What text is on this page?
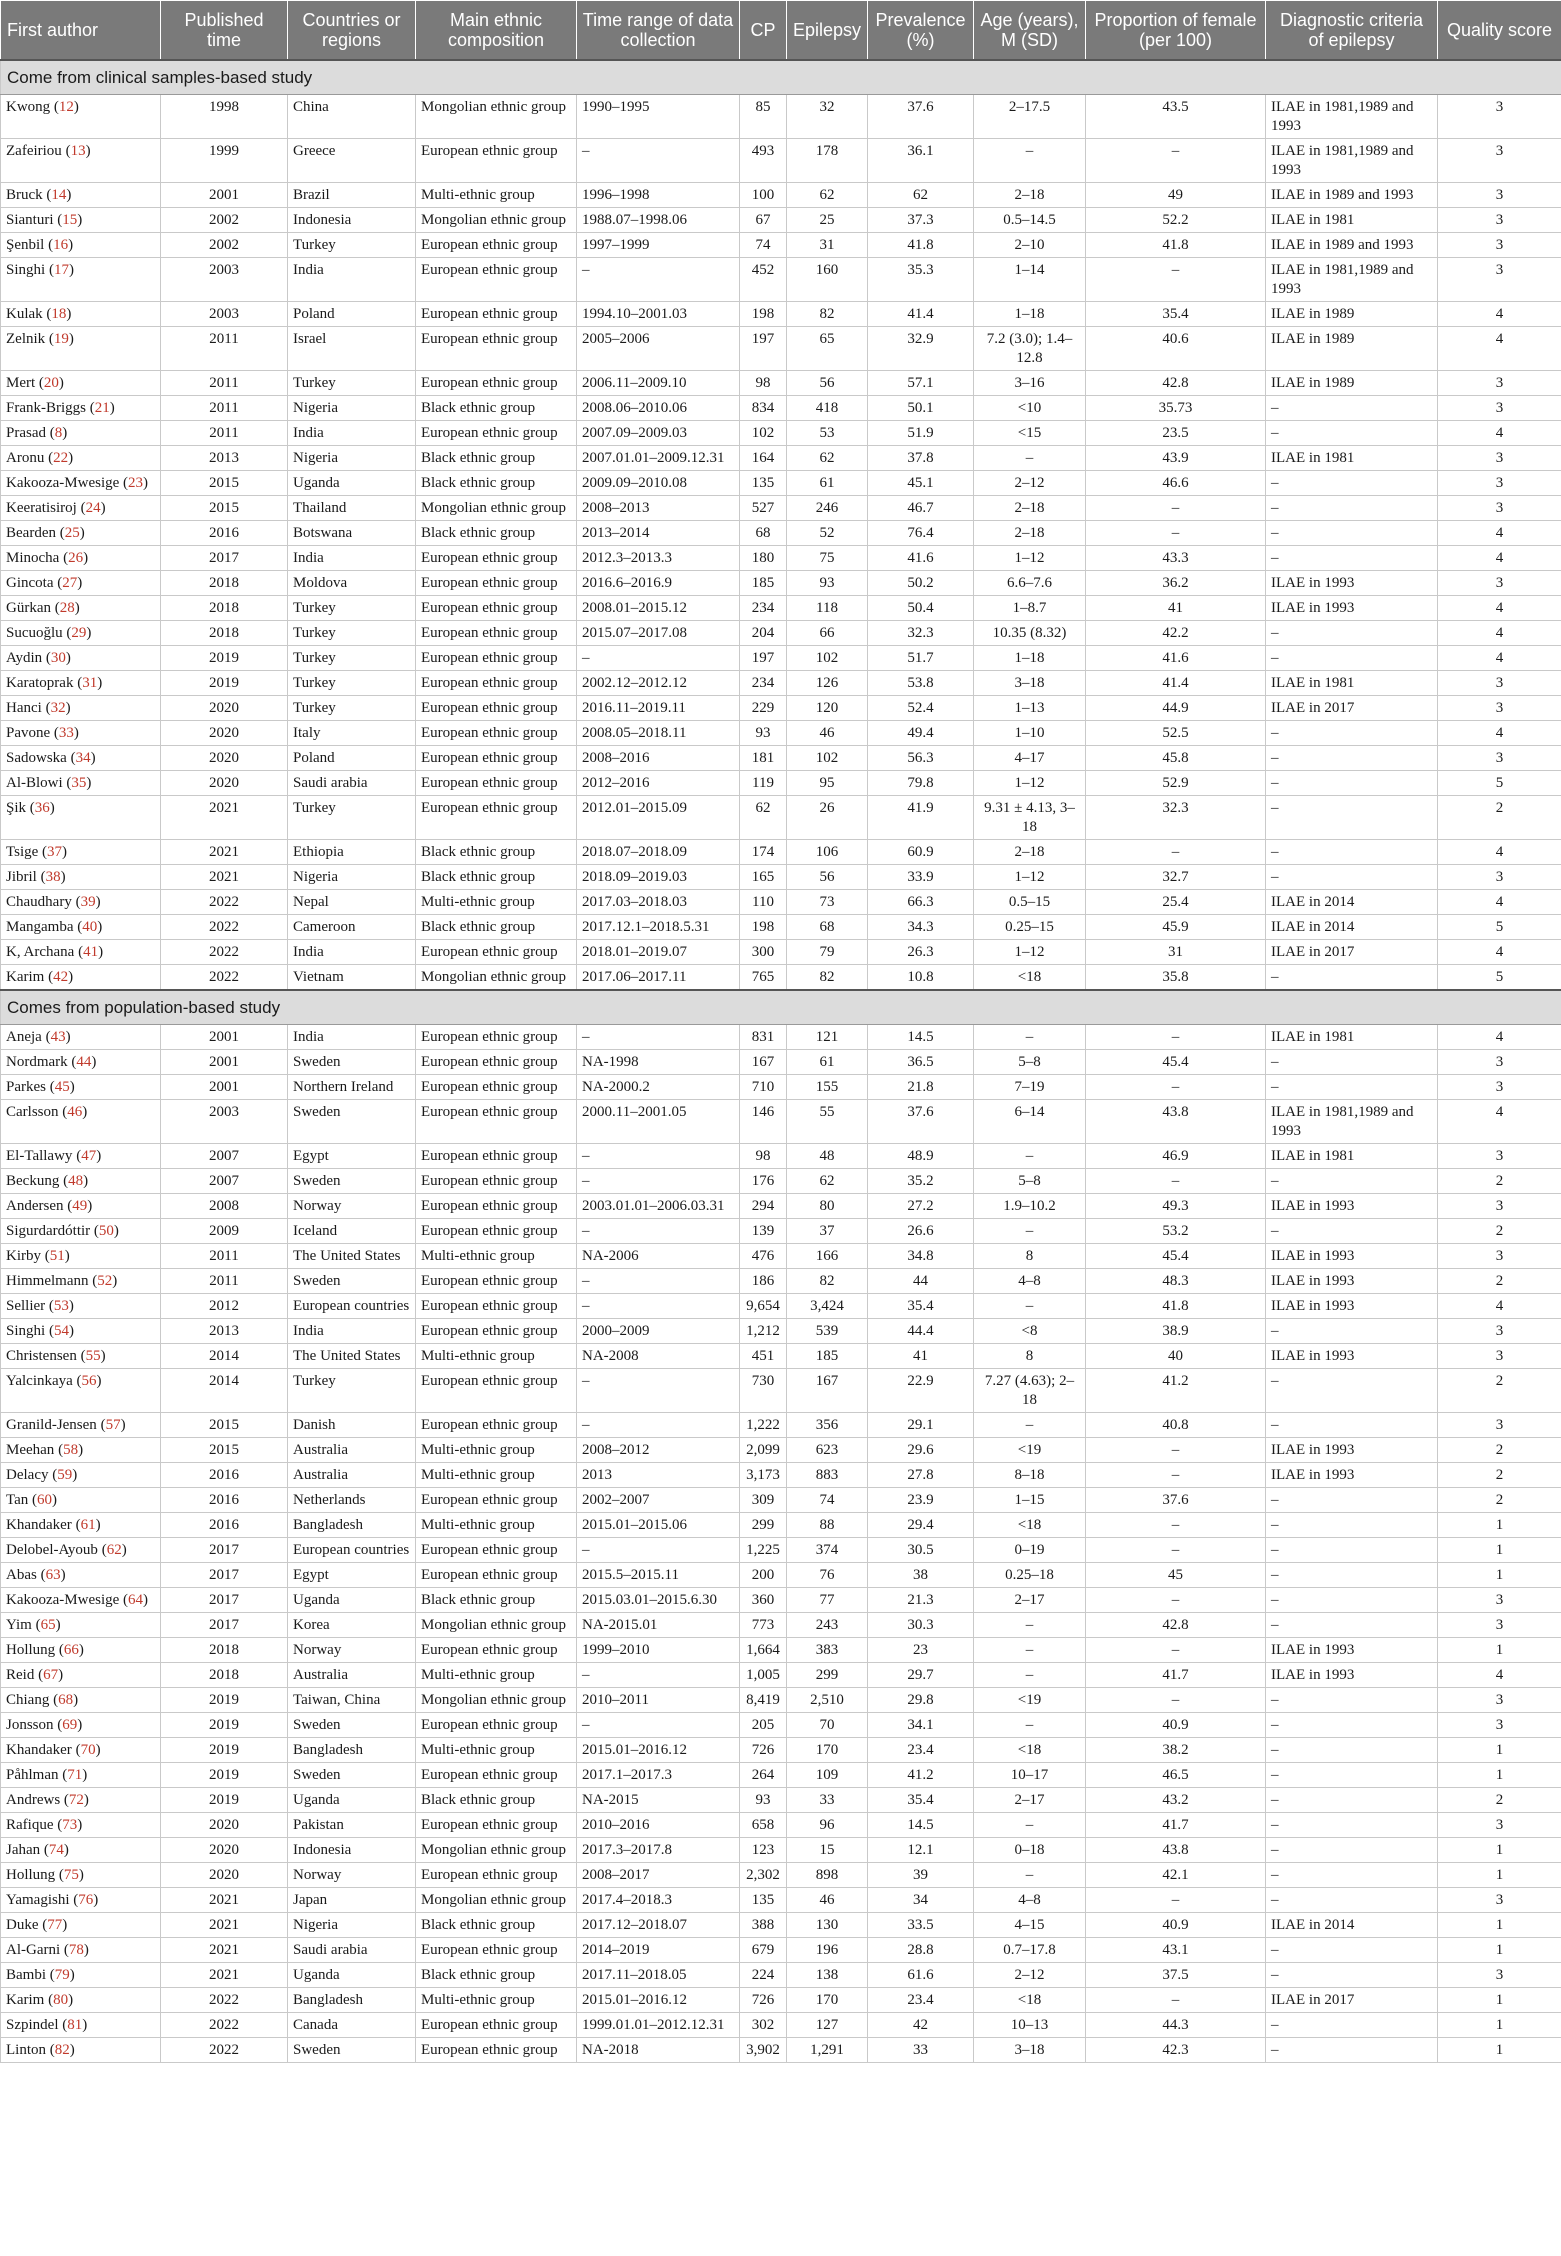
First author	Published time	Countries or regions	Main ethnic composition	Time range of data collection	CP	Epilepsy	Prevalence (%)	Age (years), M (SD)	Proportion of female (per 100)	Diagnostic criteria of epilepsy	Quality score
Come from clinical samples-based study											
Kwong (12)	1998	China	Mongolian ethnic group	1990–1995	85	32	37.6	2–17.5	43.5	ILAE in 1981,1989 and 1993	3
Zafeiriou (13)	1999	Greece	European ethnic group	–	493	178	36.1	–	–	ILAE in 1981,1989 and 1993	3
Bruck (14)	2001	Brazil	Multi-ethnic group	1996–1998	100	62	62	2–18	49	ILAE in 1989 and 1993	3
Sianturi (15)	2002	Indonesia	Mongolian ethnic group	1988.07–1998.06	67	25	37.3	0.5–14.5	52.2	ILAE in 1981	3
Şenbil (16)	2002	Turkey	European ethnic group	1997–1999	74	31	41.8	2–10	41.8	ILAE in 1989 and 1993	3
Singhi (17)	2003	India	European ethnic group	–	452	160	35.3	1–14	–	ILAE in 1981,1989 and 1993	3
Kulak (18)	2003	Poland	European ethnic group	1994.10–2001.03	198	82	41.4	1–18	35.4	ILAE in 1989	4
Zelnik (19)	2011	Israel	European ethnic group	2005–2006	197	65	32.9	7.2 (3.0); 1.4–12.8	40.6	ILAE in 1989	4
Mert (20)	2011	Turkey	European ethnic group	2006.11–2009.10	98	56	57.1	3–16	42.8	ILAE in 1989	3
Frank-Briggs (21)	2011	Nigeria	Black ethnic group	2008.06–2010.06	834	418	50.1	<10	35.73	–	3
Prasad (8)	2011	India	European ethnic group	2007.09–2009.03	102	53	51.9	<15	23.5	–	4
Aronu (22)	2013	Nigeria	Black ethnic group	2007.01.01–2009.12.31	164	62	37.8	–	43.9	ILAE in 1981	3
Kakooza-Mwesige (23)	2015	Uganda	Black ethnic group	2009.09–2010.08	135	61	45.1	2–12	46.6	–	3
Keeratisiroj (24)	2015	Thailand	Mongolian ethnic group	2008–2013	527	246	46.7	2–18	–	–	3
Bearden (25)	2016	Botswana	Black ethnic group	2013–2014	68	52	76.4	2–18	–	–	4
Minocha (26)	2017	India	European ethnic group	2012.3–2013.3	180	75	41.6	1–12	43.3	–	4
Gincota (27)	2018	Moldova	European ethnic group	2016.6–2016.9	185	93	50.2	6.6–7.6	36.2	ILAE in 1993	3
Gürkan (28)	2018	Turkey	European ethnic group	2008.01–2015.12	234	118	50.4	1–8.7	41	ILAE in 1993	4
Sucuoğlu (29)	2018	Turkey	European ethnic group	2015.07–2017.08	204	66	32.3	10.35 (8.32)	42.2	–	4
Aydin (30)	2019	Turkey	European ethnic group	–	197	102	51.7	1–18	41.6	–	4
Karatoprak (31)	2019	Turkey	European ethnic group	2002.12–2012.12	234	126	53.8	3–18	41.4	ILAE in 1981	3
Hanci (32)	2020	Turkey	European ethnic group	2016.11–2019.11	229	120	52.4	1–13	44.9	ILAE in 2017	3
Pavone (33)	2020	Italy	European ethnic group	2008.05–2018.11	93	46	49.4	1–10	52.5	–	4
Sadowska (34)	2020	Poland	European ethnic group	2008–2016	181	102	56.3	4–17	45.8	–	3
Al-Blowi (35)	2020	Saudi arabia	European ethnic group	2012–2016	119	95	79.8	1–12	52.9	–	5
Şik (36)	2021	Turkey	European ethnic group	2012.01–2015.09	62	26	41.9	9.31 ± 4.13, 3–18	32.3	–	2
Tsige (37)	2021	Ethiopia	Black ethnic group	2018.07–2018.09	174	106	60.9	2–18	–	–	4
Jibril (38)	2021	Nigeria	Black ethnic group	2018.09–2019.03	165	56	33.9	1–12	32.7	–	3
Chaudhary (39)	2022	Nepal	Multi-ethnic group	2017.03–2018.03	110	73	66.3	0.5–15	25.4	ILAE in 2014	4
Mangamba (40)	2022	Cameroon	Black ethnic group	2017.12.1–2018.5.31	198	68	34.3	0.25–15	45.9	ILAE in 2014	5
K, Archana (41)	2022	India	European ethnic group	2018.01–2019.07	300	79	26.3	1–12	31	ILAE in 2017	4
Karim (42)	2022	Vietnam	Mongolian ethnic group	2017.06–2017.11	765	82	10.8	<18	35.8	–	5
Comes from population-based study											
Aneja (43)	2001	India	European ethnic group	–	831	121	14.5	–	–	ILAE in 1981	4
Nordmark (44)	2001	Sweden	European ethnic group	NA-1998	167	61	36.5	5–8	45.4	–	3
Parkes (45)	2001	Northern Ireland	European ethnic group	NA-2000.2	710	155	21.8	7–19	–	–	3
Carlsson (46)	2003	Sweden	European ethnic group	2000.11–2001.05	146	55	37.6	6–14	43.8	ILAE in 1981,1989 and 1993	4
El-Tallawy (47)	2007	Egypt	European ethnic group	–	98	48	48.9	–	46.9	ILAE in 1981	3
Beckung (48)	2007	Sweden	European ethnic group	–	176	62	35.2	5–8	–	–	2
Andersen (49)	2008	Norway	European ethnic group	2003.01.01–2006.03.31	294	80	27.2	1.9–10.2	49.3	ILAE in 1993	3
Sigurdardóttir (50)	2009	Iceland	European ethnic group	–	139	37	26.6	–	53.2	–	2
Kirby (51)	2011	The United States	Multi-ethnic group	NA-2006	476	166	34.8	8	45.4	ILAE in 1993	3
Himmelmann (52)	2011	Sweden	European ethnic group	–	186	82	44	4–8	48.3	ILAE in 1993	2
Sellier (53)	2012	European countries	European ethnic group	–	9,654	3,424	35.4	–	41.8	ILAE in 1993	4
Singhi (54)	2013	India	European ethnic group	2000–2009	1,212	539	44.4	<8	38.9	–	3
Christensen (55)	2014	The United States	Multi-ethnic group	NA-2008	451	185	41	8	40	ILAE in 1993	3
Yalcinkaya (56)	2014	Turkey	European ethnic group	–	730	167	22.9	7.27 (4.63); 2–18	41.2	–	2
Granild-Jensen (57)	2015	Danish	European ethnic group	–	1,222	356	29.1	–	40.8	–	3
Meehan (58)	2015	Australia	Multi-ethnic group	2008–2012	2,099	623	29.6	<19	–	ILAE in 1993	2
Delacy (59)	2016	Australia	Multi-ethnic group	2013	3,173	883	27.8	8–18	–	ILAE in 1993	2
Tan (60)	2016	Netherlands	European ethnic group	2002–2007	309	74	23.9	1–15	37.6	–	2
Khandaker (61)	2016	Bangladesh	Multi-ethnic group	2015.01–2015.06	299	88	29.4	<18	–	–	1
Delobel-Ayoub (62)	2017	European countries	European ethnic group	–	1,225	374	30.5	0–19	–	–	1
Abas (63)	2017	Egypt	European ethnic group	2015.5–2015.11	200	76	38	0.25–18	45	–	1
Kakooza-Mwesige (64)	2017	Uganda	Black ethnic group	2015.03.01–2015.6.30	360	77	21.3	2–17	–	–	3
Yim (65)	2017	Korea	Mongolian ethnic group	NA-2015.01	773	243	30.3	–	42.8	–	3
Hollung (66)	2018	Norway	European ethnic group	1999–2010	1,664	383	23	–	–	ILAE in 1993	1
Reid (67)	2018	Australia	Multi-ethnic group	–	1,005	299	29.7	–	41.7	ILAE in 1993	4
Chiang (68)	2019	Taiwan, China	Mongolian ethnic group	2010–2011	8,419	2,510	29.8	<19	–	–	3
Jonsson (69)	2019	Sweden	European ethnic group	–	205	70	34.1	–	40.9	–	3
Khandaker (70)	2019	Bangladesh	Multi-ethnic group	2015.01–2016.12	726	170	23.4	<18	38.2	–	1
Påhlman (71)	2019	Sweden	European ethnic group	2017.1–2017.3	264	109	41.2	10–17	46.5	–	1
Andrews (72)	2019	Uganda	Black ethnic group	NA-2015	93	33	35.4	2–17	43.2	–	2
Rafique (73)	2020	Pakistan	European ethnic group	2010–2016	658	96	14.5	–	41.7	–	3
Jahan (74)	2020	Indonesia	Mongolian ethnic group	2017.3–2017.8	123	15	12.1	0–18	43.8	–	1
Hollung (75)	2020	Norway	European ethnic group	2008–2017	2,302	898	39	–	42.1	–	1
Yamagishi (76)	2021	Japan	Mongolian ethnic group	2017.4–2018.3	135	46	34	4–8	–	–	3
Duke (77)	2021	Nigeria	Black ethnic group	2017.12–2018.07	388	130	33.5	4–15	40.9	ILAE in 2014	1
Al-Garni (78)	2021	Saudi arabia	European ethnic group	2014–2019	679	196	28.8	0.7–17.8	43.1	–	1
Bambi (79)	2021	Uganda	Black ethnic group	2017.11–2018.05	224	138	61.6	2–12	37.5	–	3
Karim (80)	2022	Bangladesh	Multi-ethnic group	2015.01–2016.12	726	170	23.4	<18	–	ILAE in 2017	1
Szpindel (81)	2022	Canada	European ethnic group	1999.01.01–2012.12.31	302	127	42	10–13	44.3	–	1
Linton (82)	2022	Sweden	European ethnic group	NA-2018	3,902	1,291	33	3–18	42.3	–	1
